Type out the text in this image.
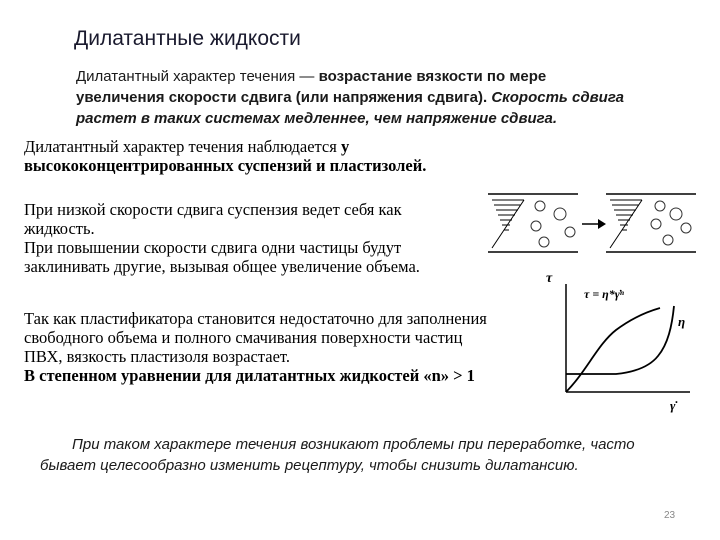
Дилатантные жидкости
Дилатантный характер течения — возрастание вязкости по мере
увеличения скорости сдвига (или напряжения сдвига). Скорость сдвига
растет в таких системах медленнее, чем напряжение сдвига.
Дилатантный характер течения наблюдается у
высококонцентрированных суспензий и пластизолей.
При низкой скорости сдвига суспензия ведет себя как
жидкость.
При повышении скорости сдвига одни частицы будут
заклинивать другие, вызывая общее увеличение объема.
Так как пластификатора становится недостаточно для заполнения
свободного объема и полного смачивания поверхности частиц
ПВХ, вязкость пластизоля возрастает.
В степенном уравнении для дилатантных жидкостей «n» > 1
τ
τ = η*γ̇ⁿ
η
γ̇
При таком характере течения возникают проблемы при переработке, часто
бывает целесообразно изменить рецептуру, чтобы снизить дилатансию.
23
